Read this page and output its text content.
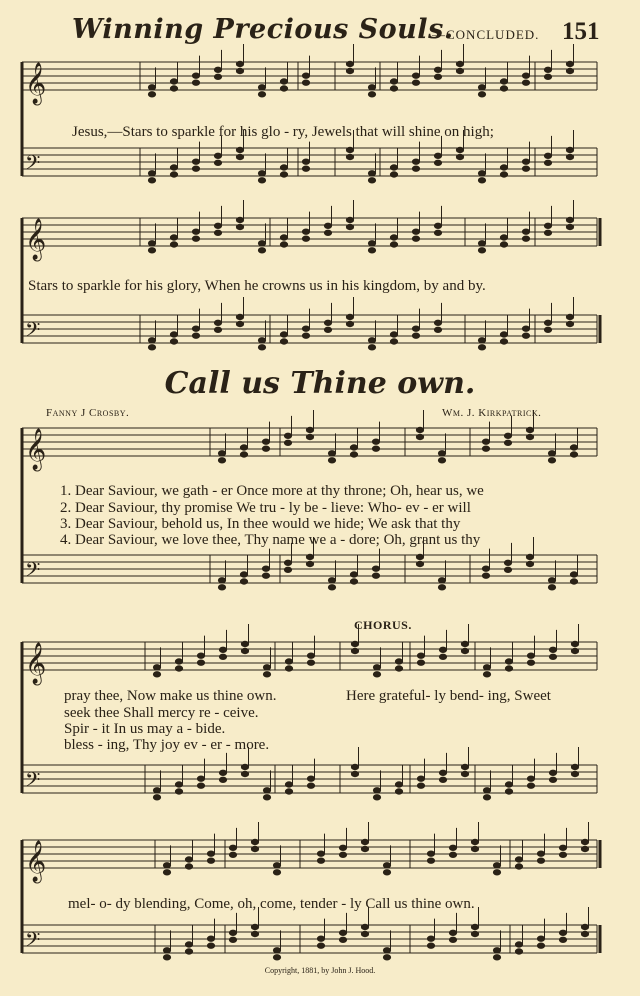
Winning Precious Souls.
—CONCLUDED. 151
𝄞
𝄢
𝄞
𝄢
𝄞
𝄢
𝄞
𝄢
𝄞
𝄢
Jesus,—Stars to sparkle for his glo - ry, Jewels that will shine on high;
Stars to sparkle for his glory, When he crowns us in his kingdom, by and by.
Call us Thine own.
Fanny J Crosby.	Wm. J. Kirkpatrick.
1. Dear Saviour, we gath - er Once more at thy throne; Oh, hear us, we
2. Dear Saviour, thy promise We tru - ly be - lieve: Who- ev - er will
3. Dear Saviour, behold us, In thee would we hide; We ask that thy
4. Dear Saviour, we love thee, Thy name we a - dore; Oh, grant us thy
CHORUS.
pray thee, Now make us thine own.
seek thee Shall mercy re - ceive.
Spir - it In us may a - bide.
bless - ing, Thy joy ev - er - more.
Here grateful- ly bend- ing, Sweet
mel- o- dy blending, Come, oh, come, tender - ly Call us thine own.
Copyright, 1881, by John J. Hood.
